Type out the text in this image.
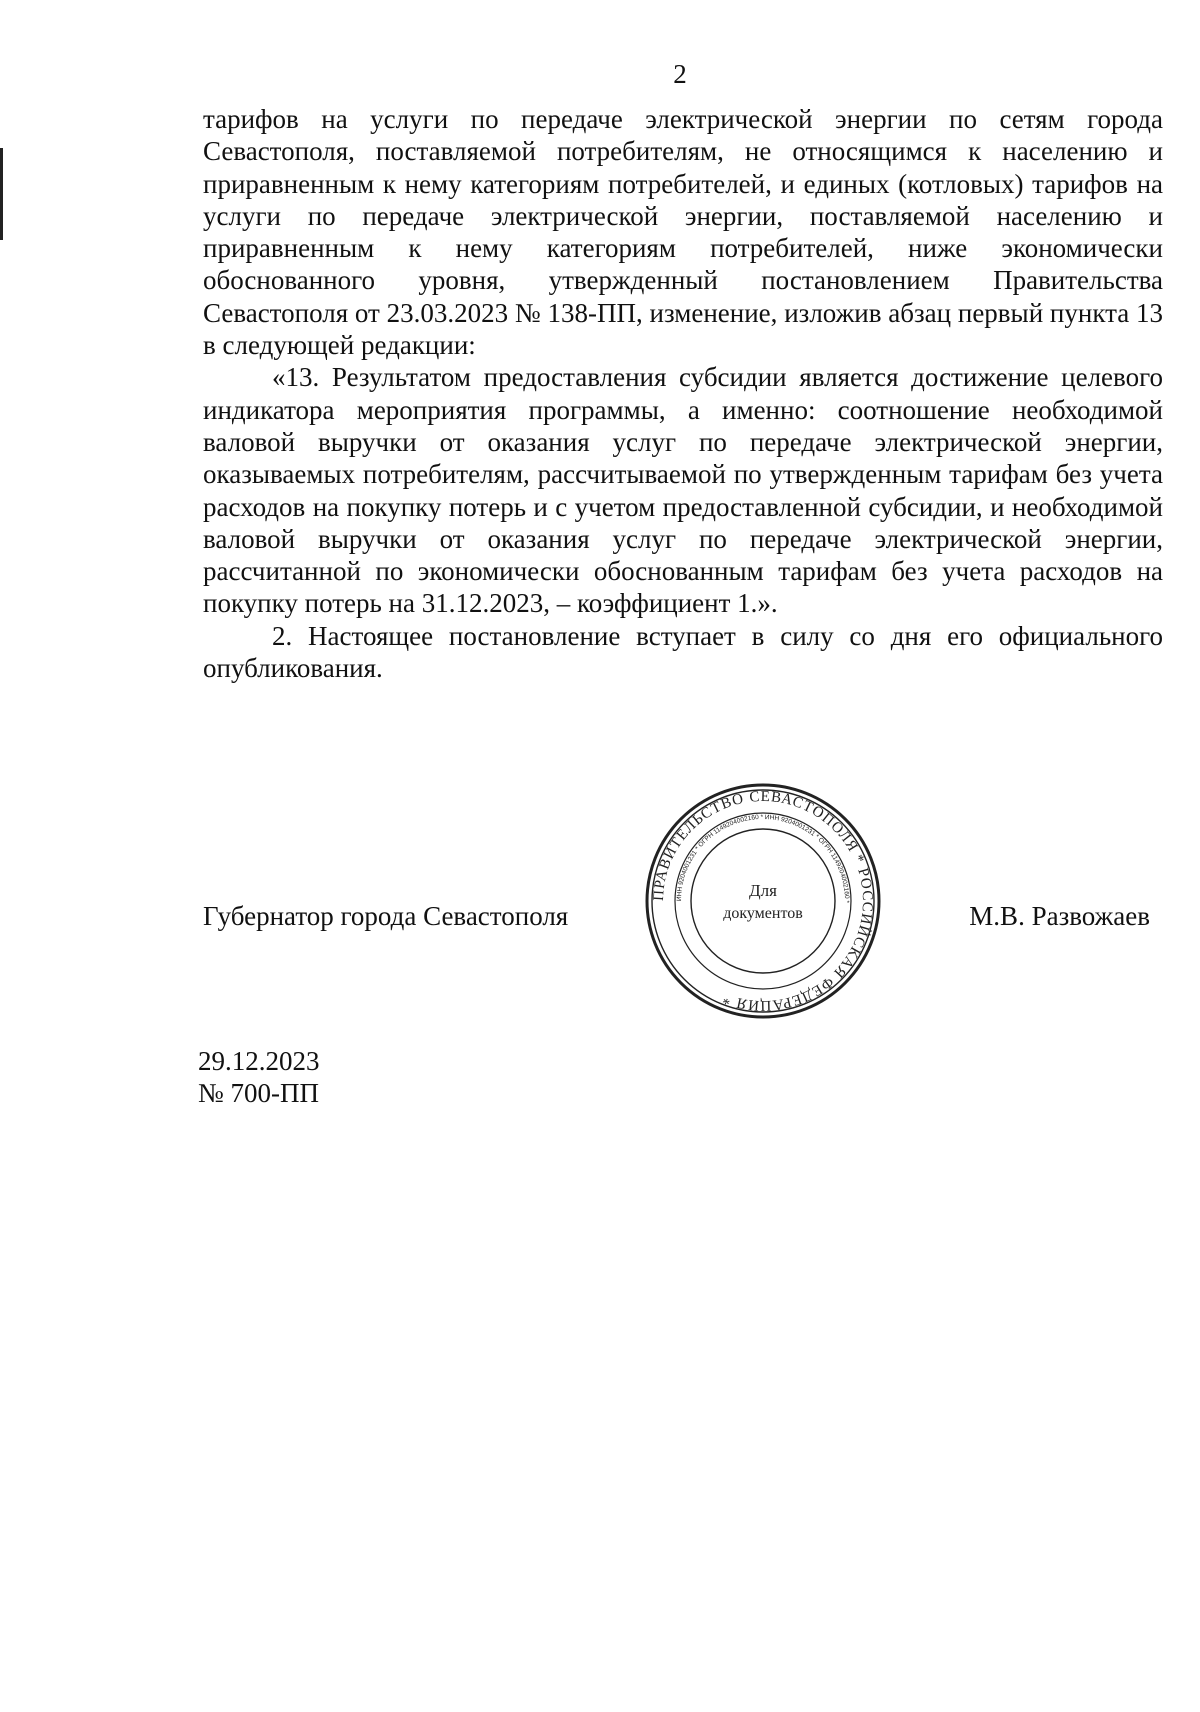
2

тарифов на услуги по передаче электрической энергии по сетям города Севастополя, поставляемой потребителям, не относящимся к населению и приравненным к нему категориям потребителей, и единых (котловых) тарифов на услуги по передаче электрической энергии, поставляемой населению и приравненным к нему категориям потребителей, ниже экономически обоснованного уровня, утвержденный постановлением Правительства Севастополя от 23.03.2023 № 138-ПП, изменение, изложив абзац первый пункта 13 в следующей редакции:

«13. Результатом предоставления субсидии является достижение целевого индикатора мероприятия программы, а именно: соотношение необходимой валовой выручки от оказания услуг по передаче электрической энергии, оказываемых потребителям, рассчитываемой по утвержденным тарифам без учета расходов на покупку потерь и с учетом предоставленной субсидии, и необходимой валовой выручки от оказания услуг по передаче электрической энергии, рассчитанной по экономически обоснованным тарифам без учета расходов на покупку потерь на 31.12.2023, – коэффициент 1.».

2. Настоящее постановление вступает в силу со дня его официального опубликования.

Губернатор города Севастополя	М.В. Развожаев
ПРАВИТЕЛЬСТВО СЕВАСТОПОЛЯ * РОССИЙСКАЯ ФЕДЕРАЦИЯ *
ИНН 9204001231 * ОГРН 1149204002160 * ИНН 9204001231 * ОГРН 1149204002160 *
Для
документов
29.12.2023
№ 700-ПП
